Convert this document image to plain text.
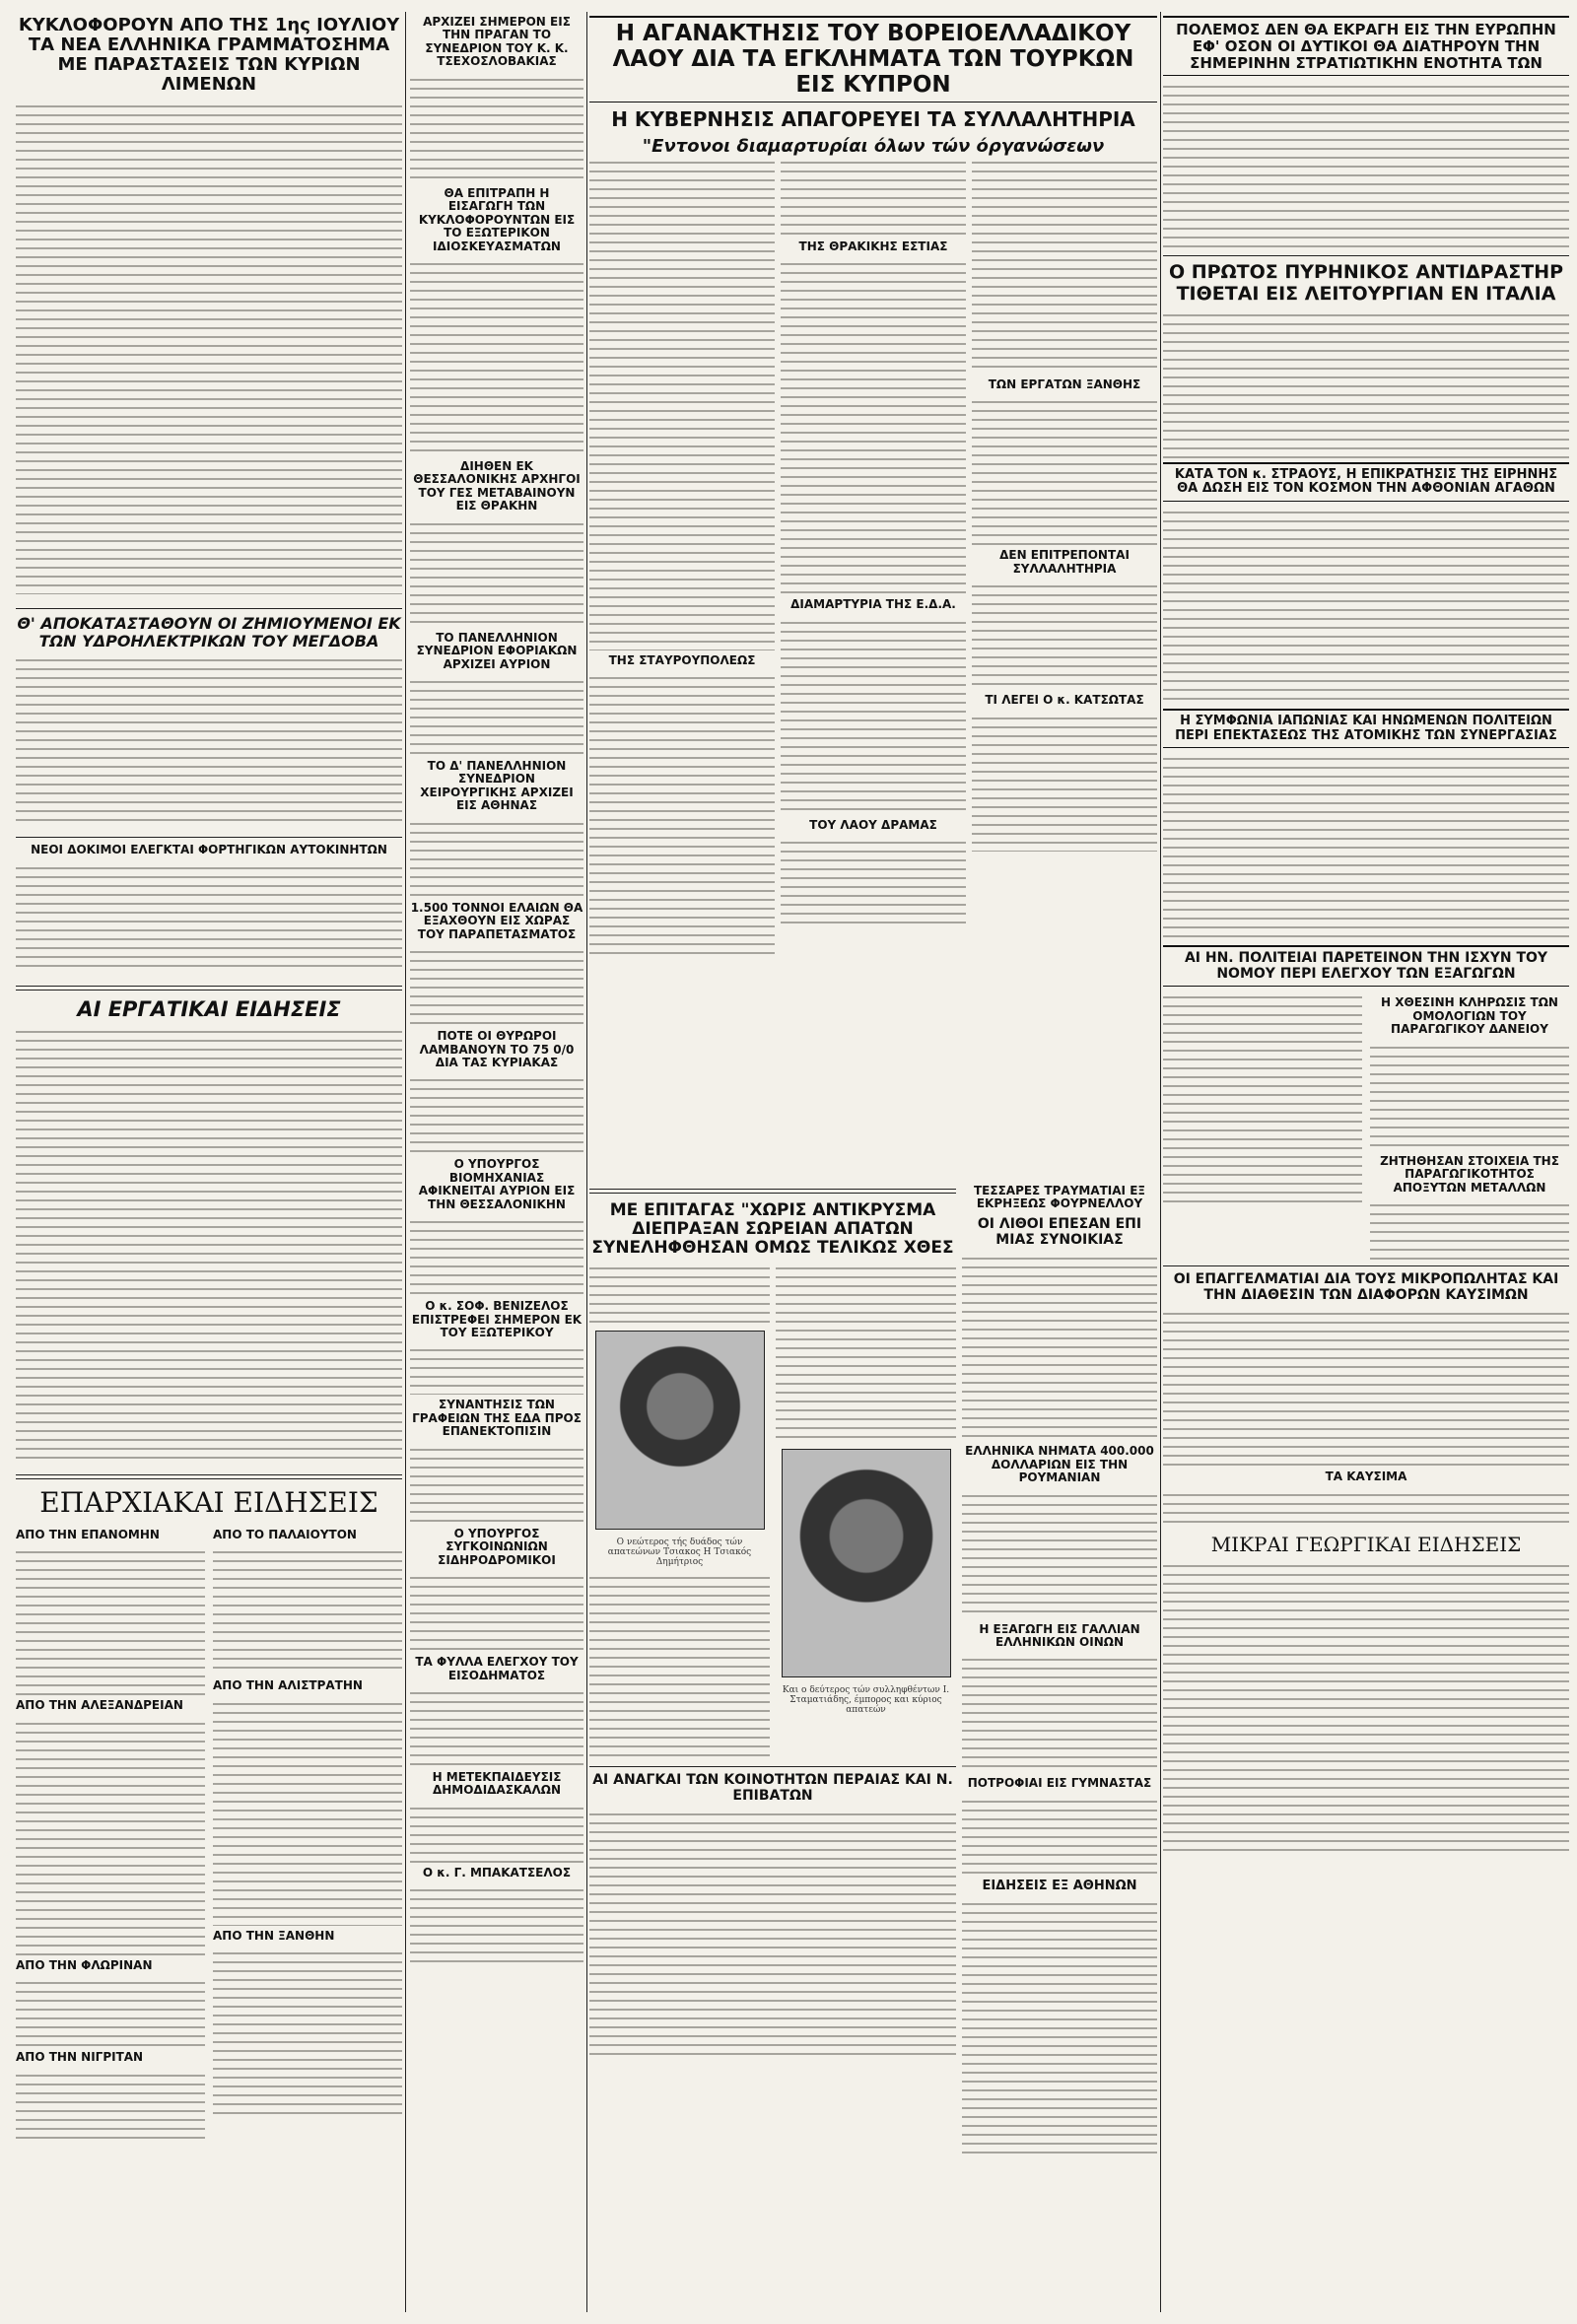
ΚΥΚΛΟΦΟΡΟΥΝ ΑΠΟ ΤΗΣ 1ης ΙΟΥΛΙΟΥ ΤΑ ΝΕΑ ΕΛΛΗΝΙΚΑ ΓΡΑΜΜΑΤΟΣΗΜΑ ΜΕ ΠΑΡΑΣΤΑΣΕΙΣ ΤΩΝ ΚΥΡΙΩΝ ΛΙΜΕΝΩΝ
Θ' ΑΠΟΚΑΤΑΣΤΑΘΟΥΝ ΟΙ ΖΗΜΙΟΥΜΕΝΟΙ ΕΚ ΤΩΝ ΥΔΡΟΗΛΕΚΤΡΙΚΩΝ ΤΟΥ ΜΕΓΔΟΒΑ
ΝΕΟΙ ΔΟΚΙΜΟΙ ΕΛΕΓΚΤΑΙ ΦΟΡΤΗΓΙΚΩΝ ΑΥΤΟΚΙΝΗΤΩΝ
ΑΙ ΕΡΓΑΤΙΚΑΙ ΕΙΔΗΣΕΙΣ
ΕΠΑΡΧΙΑΚΑΙ ΕΙΔΗΣΕΙΣ
ΑΠΟ ΤΗΝ ΕΠΑΝΟΜΗΝ
ΑΠΟ ΤΗΝ ΑΛΕΞΑΝΔΡΕΙΑΝ
ΑΠΟ ΤΗΝ ΦΛΩΡΙΝΑΝ
ΑΠΟ ΤΗΝ ΝΙΓΡΙΤΑΝ
ΑΠΟ ΤΟ ΠΑΛΑΙΟΥΤΟΝ
ΑΠΟ ΤΗΝ ΑΛΙΣΤΡΑΤΗΝ
ΑΠΟ ΤΗΝ ΞΑΝΘΗΝ
ΑΡΧΙΖΕΙ ΣΗΜΕΡΟΝ ΕΙΣ ΤΗΝ ΠΡΑΓΑΝ ΤΟ ΣΥΝΕΔΡΙΟΝ ΤΟΥ Κ. Κ. ΤΣΕΧΟΣΛΟΒΑΚΙΑΣ
ΘΑ ΕΠΙΤΡΑΠΗ Η ΕΙΣΑΓΩΓΗ ΤΩΝ ΚΥΚΛΟΦΟΡΟΥΝΤΩΝ ΕΙΣ ΤΟ ΕΞΩΤΕΡΙΚΟΝ ΙΔΙΟΣΚΕΥΑΣΜΑΤΩΝ
ΔΙΗΘΕΝ ΕΚ ΘΕΣΣΑΛΟΝΙΚΗΣ ΑΡΧΗΓΟΙ ΤΟΥ ΓΕΣ ΜΕΤΑΒΑΙΝΟΥΝ ΕΙΣ ΘΡΑΚΗΝ
ΤΟ ΠΑΝΕΛΛΗΝΙΟΝ ΣΥΝΕΔΡΙΟΝ ΕΦΟΡΙΑΚΩΝ ΑΡΧΙΖΕΙ ΑΥΡΙΟΝ
ΤΟ Δ' ΠΑΝΕΛΛΗΝΙΟΝ ΣΥΝΕΔΡΙΟΝ ΧΕΙΡΟΥΡΓΙΚΗΣ ΑΡΧΙΖΕΙ ΕΙΣ ΑΘΗΝΑΣ
1.500 ΤΟΝΝΟΙ ΕΛΑΙΩΝ ΘΑ ΕΞΑΧΘΟΥΝ ΕΙΣ ΧΩΡΑΣ ΤΟΥ ΠΑΡΑΠΕΤΑΣΜΑΤΟΣ
ΠΟΤΕ ΟΙ ΘΥΡΩΡΟΙ ΛΑΜΒΑΝΟΥΝ ΤΟ 75 0/0 ΔΙΑ ΤΑΣ ΚΥΡΙΑΚΑΣ
Ο ΥΠΟΥΡΓΟΣ ΒΙΟΜΗΧΑΝΙΑΣ ΑΦΙΚΝΕΙΤΑΙ ΑΥΡΙΟΝ ΕΙΣ ΤΗΝ ΘΕΣΣΑΛΟΝΙΚΗΝ
Ο κ. ΣΟΦ. ΒΕΝΙΖΕΛΟΣ ΕΠΙΣΤΡΕΦΕΙ ΣΗΜΕΡΟΝ ΕΚ ΤΟΥ ΕΞΩΤΕΡΙΚΟΥ
ΣΥΝΑΝΤΗΣΙΣ ΤΩΝ ΓΡΑΦΕΙΩΝ ΤΗΣ ΕΔΑ ΠΡΟΣ ΕΠΑΝΕΚΤΟΠΙΣΙΝ
Ο ΥΠΟΥΡΓΟΣ ΣΥΓΚΟΙΝΩΝΙΩΝ ΣΙΔΗΡΟΔΡΟΜΙΚΟΙ
ΤΑ ΦΥΛΛΑ ΕΛΕΓΧΟΥ ΤΟΥ ΕΙΣΟΔΗΜΑΤΟΣ
Η ΜΕΤΕΚΠΑΙΔΕΥΣΙΣ ΔΗΜΟΔΙΔΑΣΚΑΛΩΝ
Ο κ. Γ. ΜΠΑΚΑΤΣΕΛΟΣ
Η ΑΓΑΝΑΚΤΗΣΙΣ ΤΟΥ ΒΟΡΕΙΟΕΛΛΑΔΙΚΟΥ ΛΑΟΥ ΔΙΑ ΤΑ ΕΓΚΛΗΜΑΤΑ ΤΩΝ ΤΟΥΡΚΩΝ ΕΙΣ ΚΥΠΡΟΝ
Η ΚΥΒΕΡΝΗΣΙΣ ΑΠΑΓΟΡΕΥΕΙ ΤΑ ΣΥΛΛΑΛΗΤΗΡΙΑ
"Εντονοι διαμαρτυρίαι όλων τών όργανώσεων
ΤΗΣ ΣΤΑΥΡΟΥΠΟΛΕΩΣ
ΤΗΣ ΘΡΑΚΙΚΗΣ ΕΣΤΙΑΣ
ΔΙΑΜΑΡΤΥΡΙΑ ΤΗΣ Ε.Δ.Α.
ΤΟΥ ΛΑΟΥ ΔΡΑΜΑΣ
ΤΩΝ ΕΡΓΑΤΩΝ ΞΑΝΘΗΣ
ΔΕΝ ΕΠΙΤΡΕΠΟΝΤΑΙ ΣΥΛΛΑΛΗΤΗΡΙΑ
ΤΙ ΛΕΓΕΙ Ο κ. ΚΑΤΣΩΤΑΣ
ΜΕ ΕΠΙΤΑΓΑΣ "ΧΩΡΙΣ ΑΝΤΙΚΡΥΣΜΑ ΔΙΕΠΡΑΞΑΝ ΣΩΡΕΙΑΝ ΑΠΑΤΩΝ ΣΥΝΕΛΗΦΘΗΣΑΝ ΟΜΩΣ ΤΕΛΙΚΩΣ ΧΘΕΣ
Ο νεώτερος τής δυάδος τών απατεώνων Τσιακος Η Τσιακός Δημήτριος
Και ο δεύτερος τών συλληφθέντων Ι. Σταματιάδης, έμπορος και κύριος απατεών
ΑΙ ΑΝΑΓΚΑΙ ΤΩΝ ΚΟΙΝΟΤΗΤΩΝ ΠΕΡΑΙΑΣ ΚΑΙ Ν. ΕΠΙΒΑΤΩΝ
ΤΕΣΣΑΡΕΣ ΤΡΑΥΜΑΤΙΑΙ ΕΞ ΕΚΡΗΞΕΩΣ ΦΟΥΡΝΕΛΛΟΥ
ΟΙ ΛΙΘΟΙ ΕΠΕΣΑΝ ΕΠΙ ΜΙΑΣ ΣΥΝΟΙΚΙΑΣ
ΕΛΛΗΝΙΚΑ ΝΗΜΑΤΑ 400.000 ΔΟΛΛΑΡΙΩΝ ΕΙΣ ΤΗΝ ΡΟΥΜΑΝΙΑΝ
Η ΕΞΑΓΩΓΗ ΕΙΣ ΓΑΛΛΙΑΝ ΕΛΛΗΝΙΚΩΝ ΟΙΝΩΝ
ΠΟΤΡΟΦΙΑΙ ΕΙΣ ΓΥΜΝΑΣΤΑΣ
ΕΙΔΗΣΕΙΣ ΕΞ ΑΘΗΝΩΝ
ΠΟΛΕΜΟΣ ΔΕΝ ΘΑ ΕΚΡΑΓΗ ΕΙΣ ΤΗΝ ΕΥΡΩΠΗΝ ΕΦ' ΟΣΟΝ ΟΙ ΔΥΤΙΚΟΙ ΘΑ ΔΙΑΤΗΡΟΥΝ ΤΗΝ ΣΗΜΕΡΙΝΗΝ ΣΤΡΑΤΙΩΤΙΚΗΝ ΕΝΟΤΗΤΑ ΤΩΝ
Ο ΠΡΩΤΟΣ ΠΥΡΗΝΙΚΟΣ ΑΝΤΙΔΡΑΣΤΗΡ ΤΙΘΕΤΑΙ ΕΙΣ ΛΕΙΤΟΥΡΓΙΑΝ ΕΝ ΙΤΑΛΙΑ
ΚΑΤΑ ΤΟΝ κ. ΣΤΡΑΟΥΣ, Η ΕΠΙΚΡΑΤΗΣΙΣ ΤΗΣ ΕΙΡΗΝΗΣ ΘΑ ΔΩΣΗ ΕΙΣ ΤΟΝ ΚΟΣΜΟΝ ΤΗΝ ΑΦΘΟΝΙΑΝ ΑΓΑΘΩΝ
Η ΣΥΜΦΩΝΙΑ ΙΑΠΩΝΙΑΣ ΚΑΙ ΗΝΩΜΕΝΩΝ ΠΟΛΙΤΕΙΩΝ ΠΕΡΙ ΕΠΕΚΤΑΣΕΩΣ ΤΗΣ ΑΤΟΜΙΚΗΣ ΤΩΝ ΣΥΝΕΡΓΑΣΙΑΣ
ΑΙ ΗΝ. ΠΟΛΙΤΕΙΑΙ ΠΑΡΕΤΕΙΝΟΝ ΤΗΝ ΙΣΧΥΝ ΤΟΥ ΝΟΜΟΥ ΠΕΡΙ ΕΛΕΓΧΟΥ ΤΩΝ ΕΞΑΓΩΓΩΝ
Η ΧΘΕΣΙΝΗ ΚΛΗΡΩΣΙΣ ΤΩΝ ΟΜΟΛΟΓΙΩΝ ΤΟΥ ΠΑΡΑΓΩΓΙΚΟΥ ΔΑΝΕΙΟΥ
ΖΗΤΗΘΗΣΑΝ ΣΤΟΙΧΕΙΑ ΤΗΣ ΠΑΡΑΓΩΓΙΚΟΤΗΤΟΣ ΑΠΟΞΥΤΩΝ ΜΕΤΑΛΛΩΝ
ΟΙ ΕΠΑΓΓΕΛΜΑΤΙΑΙ ΔΙΑ ΤΟΥΣ ΜΙΚΡΟΠΩΛΗΤΑΣ ΚΑΙ ΤΗΝ ΔΙΑΘΕΣΙΝ ΤΩΝ ΔΙΑΦΟΡΩΝ ΚΑΥΣΙΜΩΝ
ΤΑ ΚΑΥΣΙΜΑ
ΜΙΚΡΑΙ ΓΕΩΡΓΙΚΑΙ ΕΙΔΗΣΕΙΣ
